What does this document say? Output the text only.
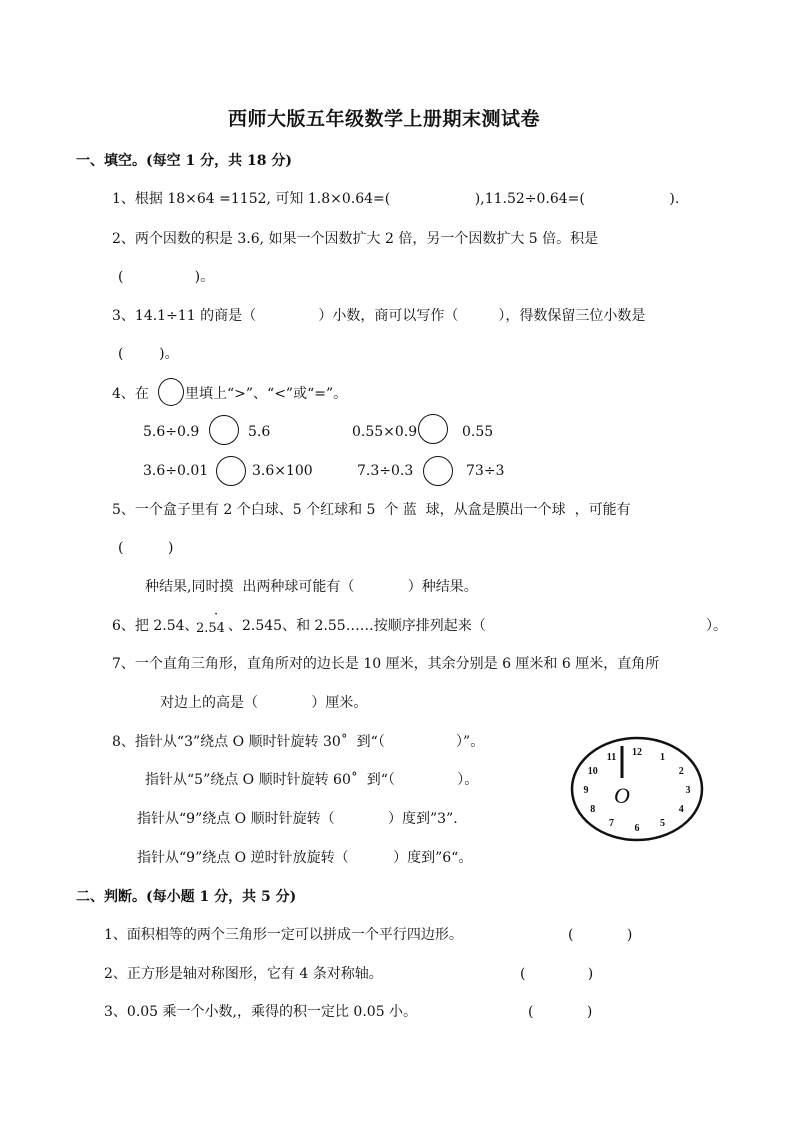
西师大版五年级数学上册期末测试卷
一、填空。(每空 1 分，共 18 分)
1、根据 18×64 =1152, 可知 1.8×0.64=(                   ),11.52÷0.64=(                   ).
2、两个因数的积是 3.6, 如果一个因数扩大 2 倍，另一个因数扩大 5 倍。积是
(                )。
3、14.1÷11 的商是（              ）小数，商可以写作（         ），得数保留三位小数是
(        )。
4、在	里填上“>”、“<”或“=”。
5.6÷0.9	5.6	0.55×0.9	0.55
3.6÷0.01	3.6×100	7.3÷0.3	73÷3
5、一个盒子里有 2 个白球、5 个红球和 5  个 蓝  球，从盒是膜出一个球  ，可能有
(          )
种结果,同时摸  出两种球可能有（            ）种结果。
6、把 2.54、
2.54
·
、2.545、和 2.55……按顺序排列起来（	）。
7、一个直角三角形，直角所对的边长是 10 厘米，其余分别是 6 厘米和 6 厘米，直角所
对边上的高是（            ）厘米。
8、指针从“3”绕点 O 顺时针旋转 30˚  到“（                ）”。
指针从“5”绕点 O 顺时针旋转 60˚  到“（              ）。
指针从“9”绕点 O 顺时针旋转（            ）度到”3”.
指针从“9”绕点 O 逆时针放旋转（          ）度到”6“。
12 1
2
3
4
5
6
7
8
9
10
11
O
二、判断。(每小题 1 分，共 5 分)
1、面积相等的两个三角形一定可以拼成一个平行四边形。	(            )
2、正方形是轴对称图形，它有 4 条对称轴。	(              )
3、0.05 乘一个小数,，乘得的积一定比 0.05 小。	(            )
